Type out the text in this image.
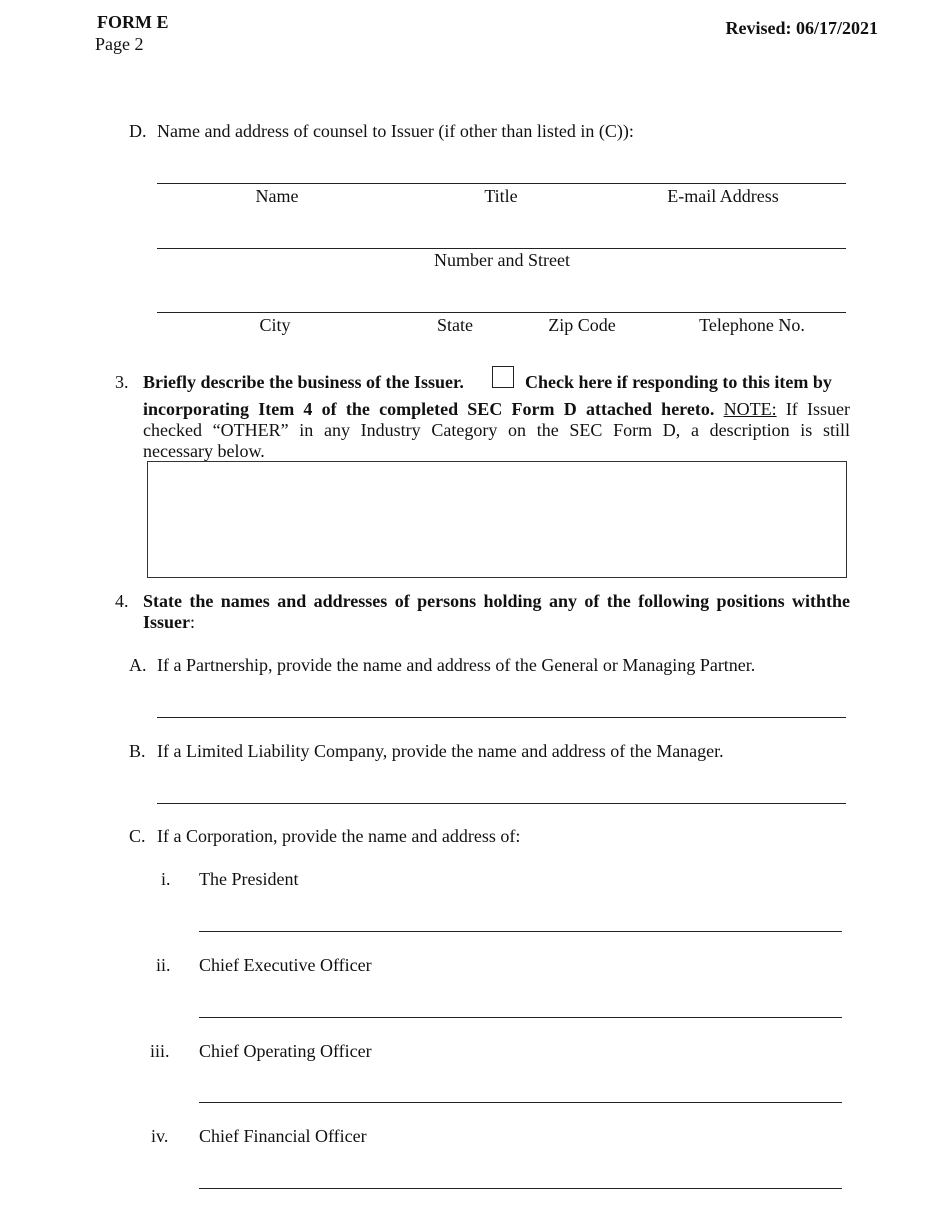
FORM E
Page 2
Revised: 06/17/2021
D. Name and address of counsel to Issuer (if other than listed in (C)):
Name	Title	E-mail Address
Number and Street
City	State	Zip Code	Telephone No.
3. Briefly describe the business of the Issuer.	Check here if responding to this item by
incorporating Item 4 of the completed SEC Form D attached hereto. NOTE: If Issuer
checked “OTHER” in any Industry Category on the SEC Form D, a description is still
necessary below.
4. State the names and addresses of persons holding any of the following positions withthe
Issuer:
A. If a Partnership, provide the name and address of the General or Managing Partner.
B. If a Limited Liability Company, provide the name and address of the Manager.
C. If a Corporation, provide the name and address of:
i. The President
ii. Chief Executive Officer
iii. Chief Operating Officer
iv. Chief Financial Officer
